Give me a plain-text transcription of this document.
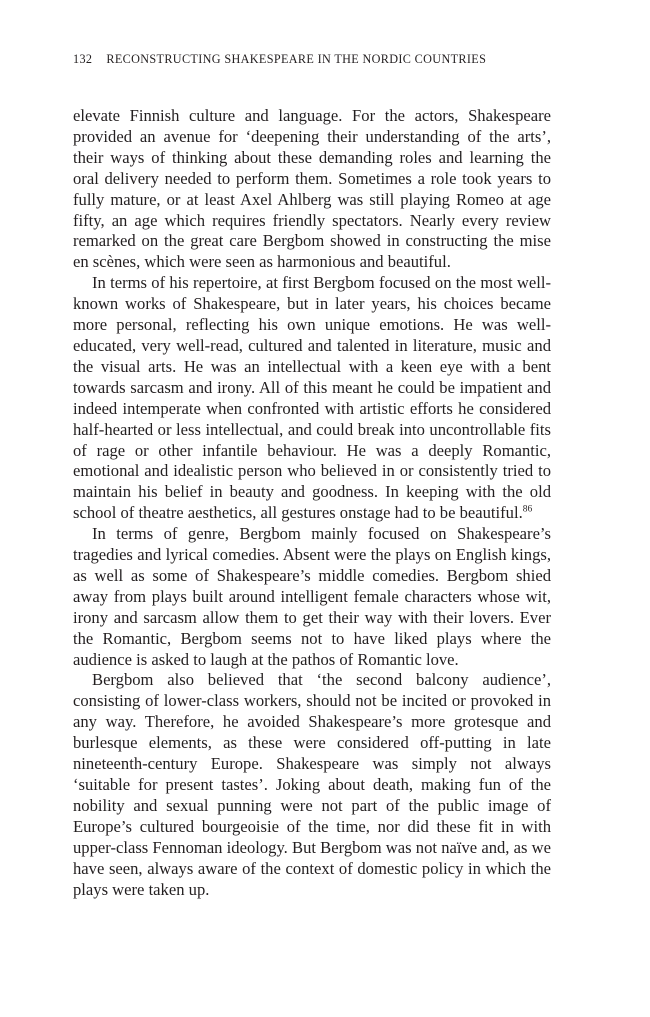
132 RECONSTRUCTING SHAKESPEARE IN THE NORDIC COUNTRIES

elevate Finnish culture and language. For the actors, Shakespeare provided an avenue for ‘deepening their understanding of the arts’, their ways of thinking about these demanding roles and learning the oral delivery needed to perform them. Sometimes a role took years to fully mature, or at least Axel Ahlberg was still playing Romeo at age fifty, an age which requires friendly spectators. Nearly every review remarked on the great care Bergbom showed in constructing the mise en scènes, which were seen as harmonious and beautiful.

In terms of his repertoire, at first Bergbom focused on the most well-known works of Shakespeare, but in later years, his choices became more personal, reflecting his own unique emotions. He was well-educated, very well-read, cultured and talented in literature, music and the visual arts. He was an intellectual with a keen eye with a bent towards sarcasm and irony. All of this meant he could be impatient and indeed intemperate when confronted with artistic efforts he considered half-hearted or less intellectual, and could break into uncontrollable fits of rage or other infantile behaviour. He was a deeply Romantic, emotional and idealistic person who believed in or consistently tried to maintain his belief in beauty and goodness. In keeping with the old school of theatre aesthetics, all gestures onstage had to be beautiful.$^{86}$

In terms of genre, Bergbom mainly focused on Shakespeare’s tragedies and lyrical comedies. Absent were the plays on English kings, as well as some of Shakespeare’s middle comedies. Bergbom shied away from plays built around intelligent female characters whose wit, irony and sarcasm allow them to get their way with their lovers. Ever the Romantic, Bergbom seems not to have liked plays where the audience is asked to laugh at the pathos of Romantic love.

Bergbom also believed that ‘the second balcony audience’, consisting of lower-class workers, should not be incited or provoked in any way. Therefore, he avoided Shakespeare’s more grotesque and burlesque elements, as these were considered off-putting in late nineteenth-century Europe. Shakespeare was simply not always ‘suitable for present tastes’. Joking about death, making fun of the nobility and sexual punning were not part of the public image of Europe’s cultured bourgeoisie of the time, nor did these fit in with upper-class Fennoman ideology. But Bergbom was not naïve and, as we have seen, always aware of the context of domestic policy in which the plays were taken up.
